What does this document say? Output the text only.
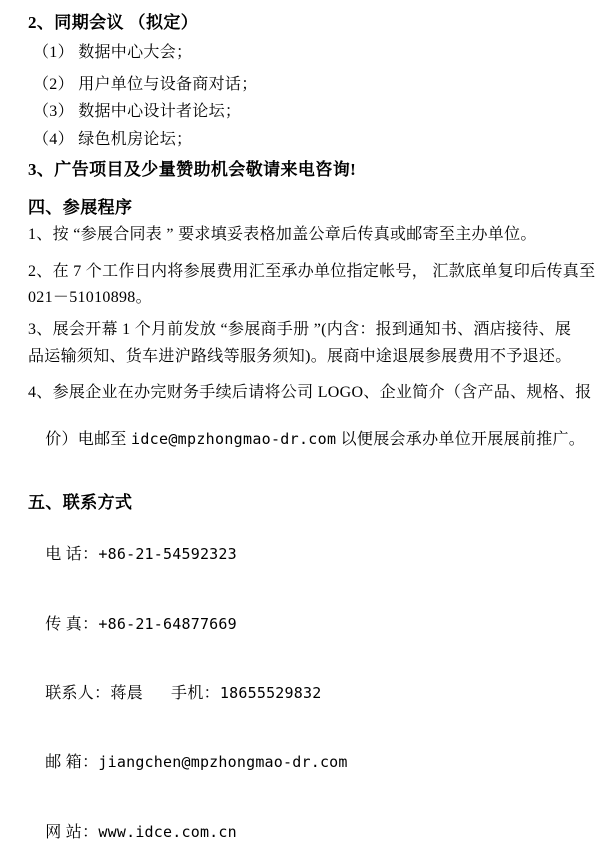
2、同期会议 （拟定）
（1） 数据中心大会；
（2） 用户单位与设备商对话；
（3） 数据中心设计者论坛；
（4） 绿色机房论坛；
3、广告项目及少量赞助机会敬请来电咨询!
四、参展程序
1、按 “参展合同表 ” 要求填妥表格加盖公章后传真或邮寄至主办单位。
2、在 7 个工作日内将参展费用汇至承办单位指定帐号， 汇款底单复印后传真至
021－51010898。
3、展会开幕 1 个月前发放 “参展商手册 ”(内含：报到通知书、酒店接待、展
品运输须知、货车进沪路线等服务须知)。展商中途退展参展费用不予退还。
4、参展企业在办完财务手续后请将公司 LOGO、企业简介（含产品、规格、报

价）电邮至 idce@mpzhongmao-dr.com 以便展会承办单位开展展前推广。

五、联系方式

电 话：+86-21-54592323

传 真：+86-21-64877669

联系人：蒋晨 手机：18655529832

邮 箱：jiangchen@mpzhongmao-dr.com

网 站：www.idce.com.cn
